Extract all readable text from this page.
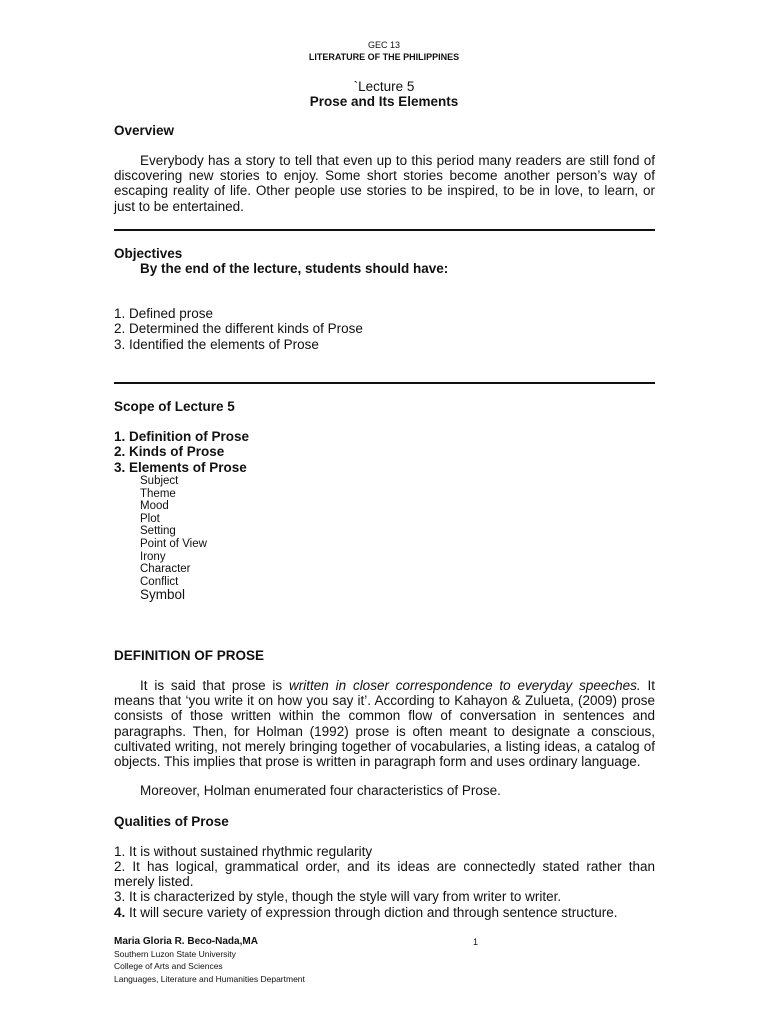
GEC 13
LITERATURE OF THE PHILIPPINES
`Lecture 5
Prose and Its Elements
Overview

Everybody has a story to tell that even up to this period many readers are still fond of discovering new stories to enjoy. Some short stories become another person’s way of escaping reality of life. Other people use stories to be inspired, to be in love, to learn, or just to be entertained.

Objectives
By the end of the lecture, students should have:
1. Defined prose
2. Determined the different kinds of Prose
3. Identified the elements of Prose
Scope of Lecture 5
1. Definition of Prose
2. Kinds of Prose
3. Elements of Prose
Subject
Theme
Mood
Plot
Setting
Point of View
Irony
Character
Conflict
Symbol
DEFINITION OF PROSE

It is said that prose is written in closer correspondence to everyday speeches. It means that ‘you write it on how you say it’. According to Kahayon & Zulueta, (2009) prose consists of those written within the common flow of conversation in sentences and paragraphs. Then, for Holman (1992) prose is often meant to designate a conscious, cultivated writing, not merely bringing together of vocabularies, a listing ideas, a catalog of objects. This implies that prose is written in paragraph form and uses ordinary language.

Moreover, Holman enumerated four characteristics of Prose.

Qualities of Prose

1. It is without sustained rhythmic regularity

2. It has logical, grammatical order, and its ideas are connectedly stated rather than merely listed.

3. It is characterized by style, though the style will vary from writer to writer.

4. It will secure variety of expression through diction and through sentence structure.

Maria Gloria R. Beco-Nada,MA	1
Southern Luzon State University
College of Arts and Sciences
Languages, Literature and Humanities Department
